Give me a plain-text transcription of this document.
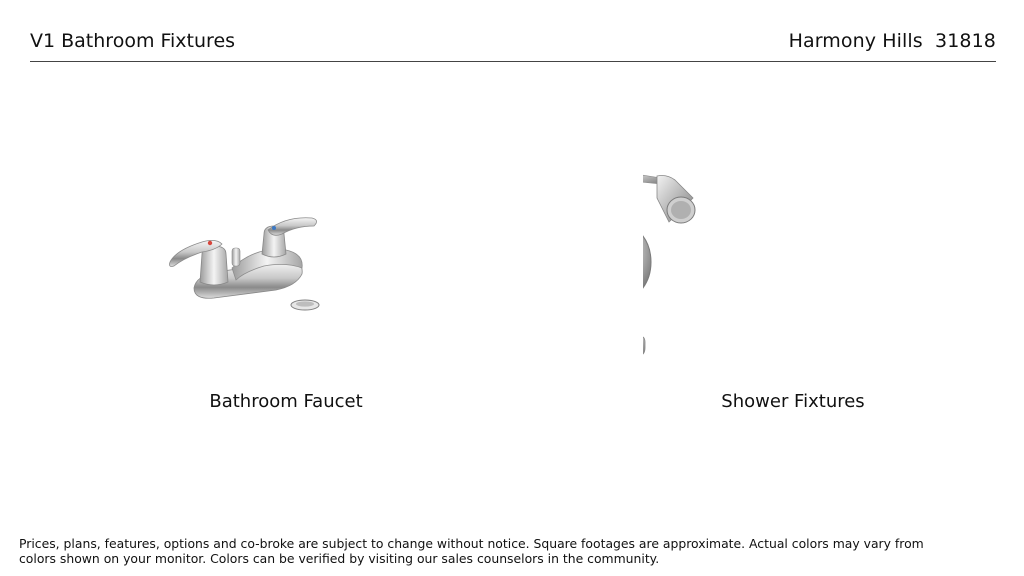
V1 Bathroom Fixtures	Harmony Hills  31818
Bathroom Faucet	Shower Fixtures
Prices, plans, features, options and co-broke are subject to change without notice. Square footages are approximate. Actual colors may vary from
colors shown on your monitor. Colors can be verified by visiting our sales counselors in the community.
